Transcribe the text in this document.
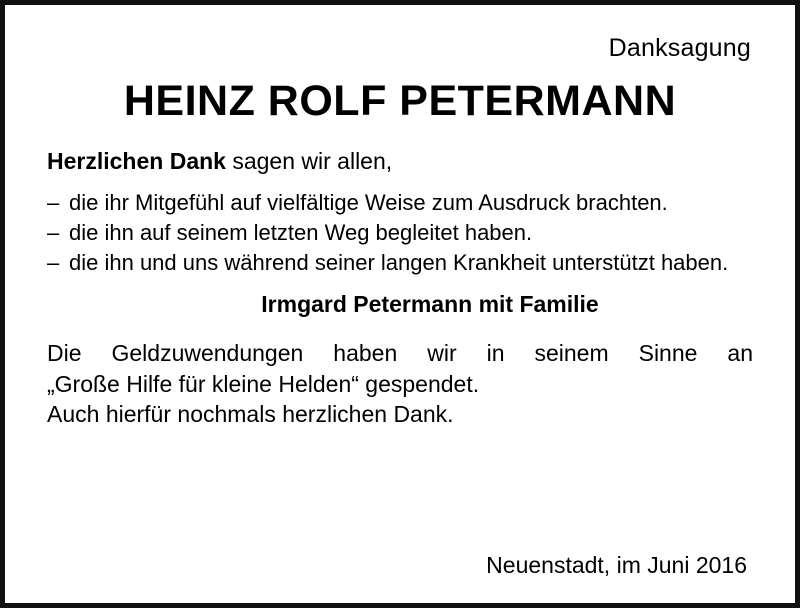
Danksagung
HEINZ ROLF PETERMANN
Herzlichen Dank sagen wir allen,
– die ihr Mitgefühl auf vielfältige Weise zum Ausdruck brachten.
– die ihn auf seinem letzten Weg begleitet haben.
– die ihn und uns während seiner langen Krankheit unterstützt haben.
Irmgard Petermann mit Familie

Die Geldzuwendungen haben wir in seinem Sinne an

„Große Hilfe für kleine Helden“ gespendet.

Auch hierfür nochmals herzlichen Dank.

Neuenstadt, im Juni 2016
